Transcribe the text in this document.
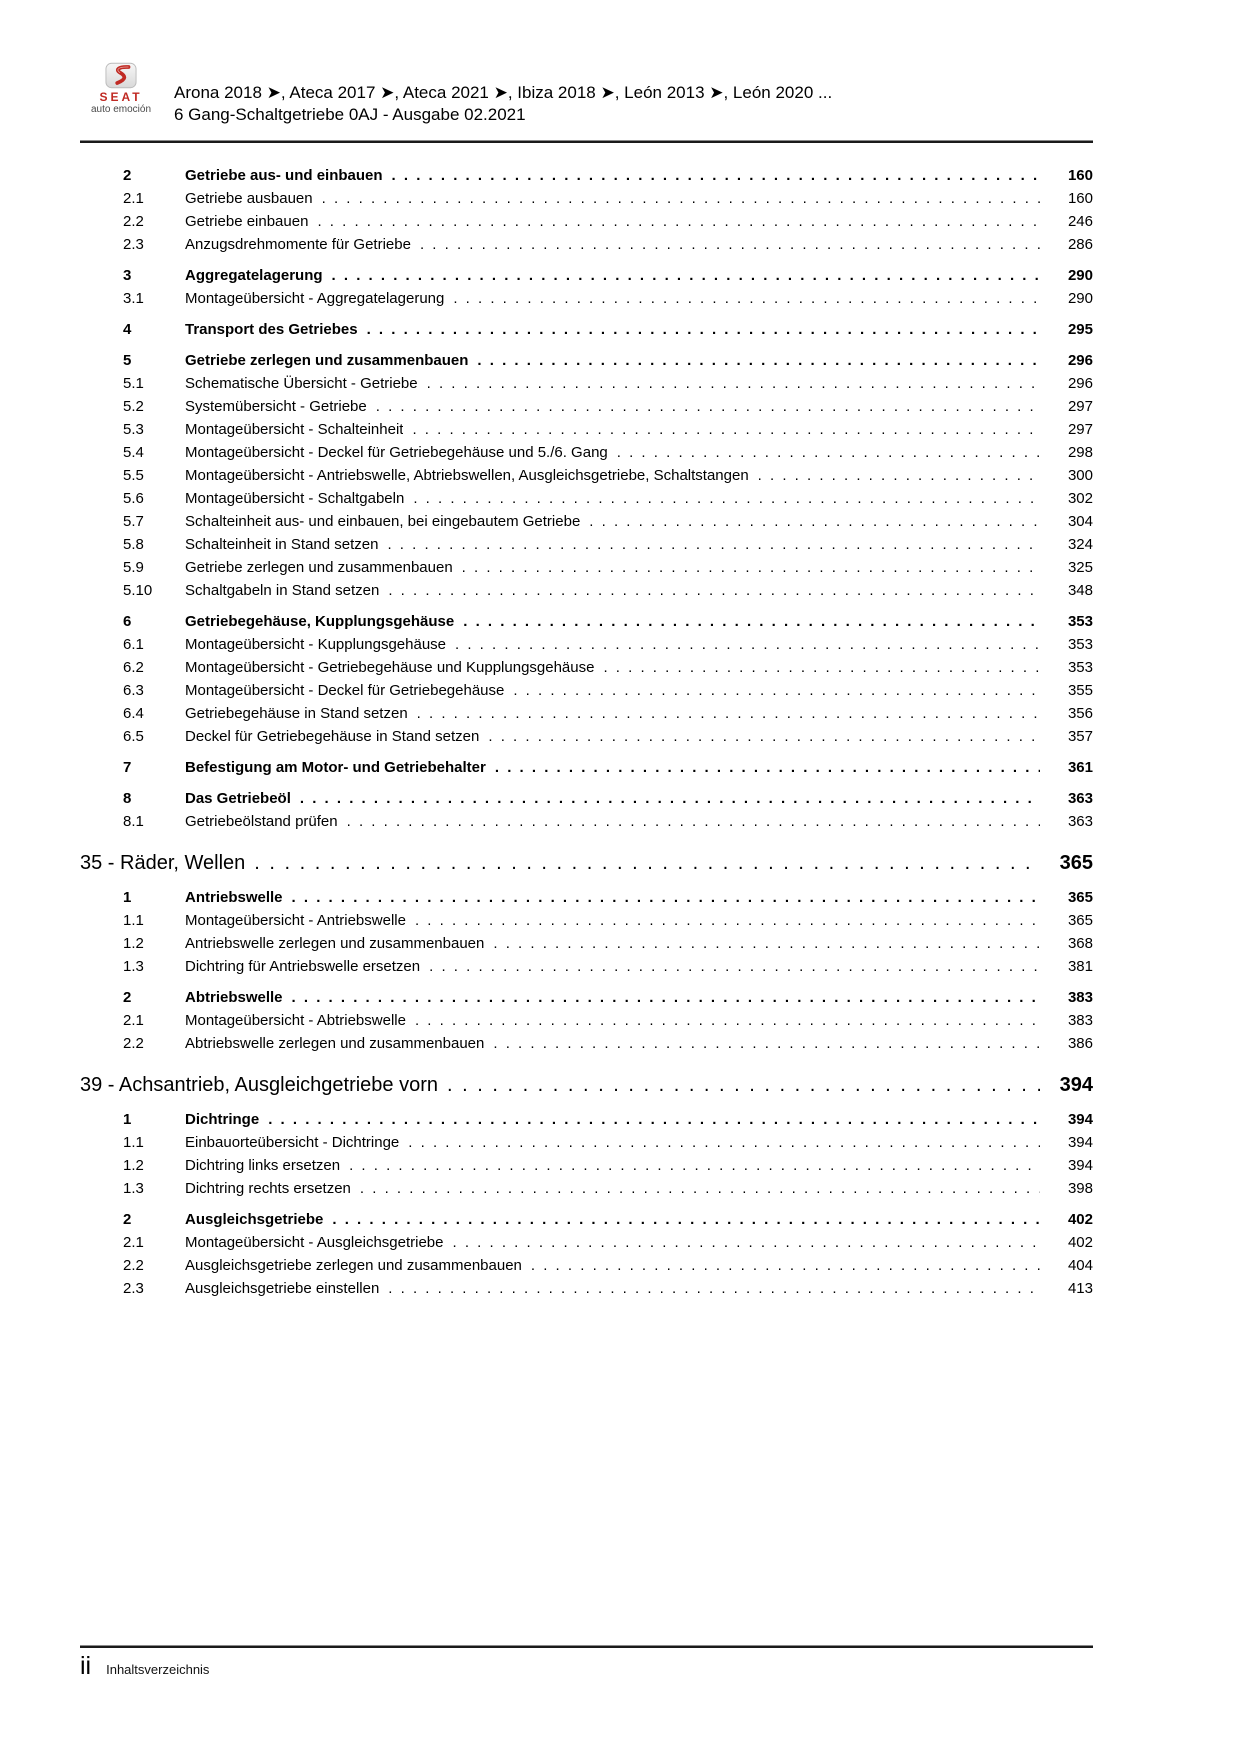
SEAT
auto emoción
Arona 2018 ➤, Ateca 2017 ➤, Ateca 2021 ➤, Ibiza 2018 ➤, León 2013 ➤, León 2020 ...
6 Gang-Schaltgetriebe 0AJ - Ausgabe 02.2021
2	Getriebe aus- und einbauen . . .	160
2.1	Getriebe ausbauen . . .	160
2.2	Getriebe einbauen . . .	246
2.3	Anzugsdrehmomente für Getriebe . . .	286
3	Aggregatelagerung . . .	290
3.1	Montageübersicht - Aggregatelagerung . . .	290
4	Transport des Getriebes . . .	295
5	Getriebe zerlegen und zusammenbauen . . .	296
5.1	Schematische Übersicht - Getriebe . . .	296
5.2	Systemübersicht - Getriebe . . .	297
5.3	Montageübersicht - Schalteinheit . . .	297
5.4	Montageübersicht - Deckel für Getriebegehäuse und 5./6. Gang . . .	298
5.5	Montageübersicht - Antriebswelle, Abtriebswellen, Ausgleichsgetriebe, Schaltstangen . . .	300
5.6	Montageübersicht - Schaltgabeln . . .	302
5.7	Schalteinheit aus- und einbauen, bei eingebautem Getriebe . . .	304
5.8	Schalteinheit in Stand setzen . . .	324
5.9	Getriebe zerlegen und zusammenbauen . . .	325
5.10	Schaltgabeln in Stand setzen . . .	348
6	Getriebegehäuse, Kupplungsgehäuse . . .	353
6.1	Montageübersicht - Kupplungsgehäuse . . .	353
6.2	Montageübersicht - Getriebegehäuse und Kupplungsgehäuse . . .	353
6.3	Montageübersicht - Deckel für Getriebegehäuse . . .	355
6.4	Getriebegehäuse in Stand setzen . . .	356
6.5	Deckel für Getriebegehäuse in Stand setzen . . .	357
7	Befestigung am Motor- und Getriebehalter . . .	361
8	Das Getriebeöl . . .	363
8.1	Getriebeölstand prüfen . . .	363
35 - Räder, Wellen . . .	365
1	Antriebswelle . . .	365
1.1	Montageübersicht - Antriebswelle . . .	365
1.2	Antriebswelle zerlegen und zusammenbauen . . .	368
1.3	Dichtring für Antriebswelle ersetzen . . .	381
2	Abtriebswelle . . .	383
2.1	Montageübersicht - Abtriebswelle . . .	383
2.2	Abtriebswelle zerlegen und zusammenbauen . . .	386
39 - Achsantrieb, Ausgleichgetriebe vorn . . .	394
1	Dichtringe . . .	394
1.1	Einbauorteübersicht - Dichtringe . . .	394
1.2	Dichtring links ersetzen . . .	394
1.3	Dichtring rechts ersetzen . . .	398
2	Ausgleichsgetriebe . . .	402
2.1	Montageübersicht - Ausgleichsgetriebe . . .	402
2.2	Ausgleichsgetriebe zerlegen und zusammenbauen . . .	404
2.3	Ausgleichsgetriebe einstellen . . .	413
ii Inhaltsverzeichnis
